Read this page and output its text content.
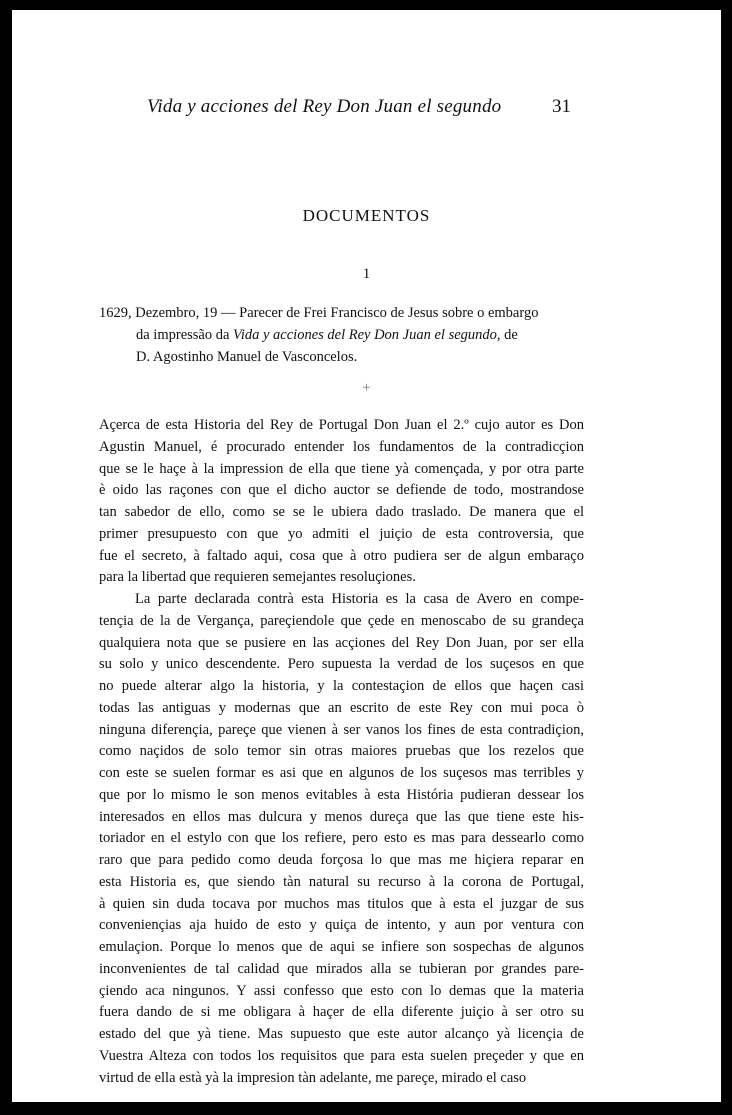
Vida y acciones del Rey Don Juan el segundo	31
DOCUMENTOS
1
1629, Dezembro, 19 — Parecer de Frei Francisco de Jesus sobre o embargo
da impressão da Vida y acciones del Rey Don Juan el segundo, de
D. Agostinho Manuel de Vasconcelos.
+
Açerca de esta Historia del Rey de Portugal Don Juan el 2.º cujo autor es Don
Agustin Manuel, é procurado entender los fundamentos de la contradicçion
que se le haçe à la impression de ella que tiene yà començada, y por otra parte
è oido las raçones con que el dicho auctor se defiende de todo, mostrandose
tan sabedor de ello, como se se le ubiera dado traslado. De manera que el
primer presupuesto con que yo admiti el juiçio de esta controversia, que
fue el secreto, à faltado aqui, cosa que à otro pudiera ser de algun embaraço
para la libertad que requieren semejantes resoluçiones.
La parte declarada contrà esta Historia es la casa de Avero en compe-
tençia de la de Vergança, pareçiendole que çede en menoscabo de su grandeça
qualquiera nota que se pusiere en las acçiones del Rey Don Juan, por ser ella
su solo y unico descendente. Pero supuesta la verdad de los suçesos en que
no puede alterar algo la historia, y la contestaçion de ellos que haçen casi
todas las antiguas y modernas que an escrito de este Rey con mui poca ò
ninguna diferençia, pareçe que vienen à ser vanos los fines de esta contradiçion,
como naçidos de solo temor sin otras maiores pruebas que los rezelos que
con este se suelen formar es asi que en algunos de los suçesos mas terribles y
que por lo mismo le son menos evitables à esta História pudieran dessear los
interesados en ellos mas dulcura y menos dureça que las que tiene este his-
toriador en el estylo con que los refiere, pero esto es mas para dessearlo como
raro que para pedido como deuda forçosa lo que mas me hiçiera reparar en
esta Historia es, que siendo tàn natural su recurso à la corona de Portugal,
à quien sin duda tocava por muchos mas titulos que à esta el juzgar de sus
conveniençias aja huido de esto y quiça de intento, y aun por ventura con
emulaçion. Porque lo menos que de aqui se infiere son sospechas de algunos
inconvenientes de tal calidad que mirados alla se tubieran por grandes pare-
çiendo aca ningunos. Y assi confesso que esto con lo demas que la materia
fuera dando de si me obligara à haçer de ella diferente juiçio à ser otro su
estado del que yà tiene. Mas supuesto que este autor alcanço yà licençia de
Vuestra Alteza con todos los requisitos que para esta suelen preçeder y que en
virtud de ella està yà la impresion tàn adelante, me pareçe, mirado el caso
